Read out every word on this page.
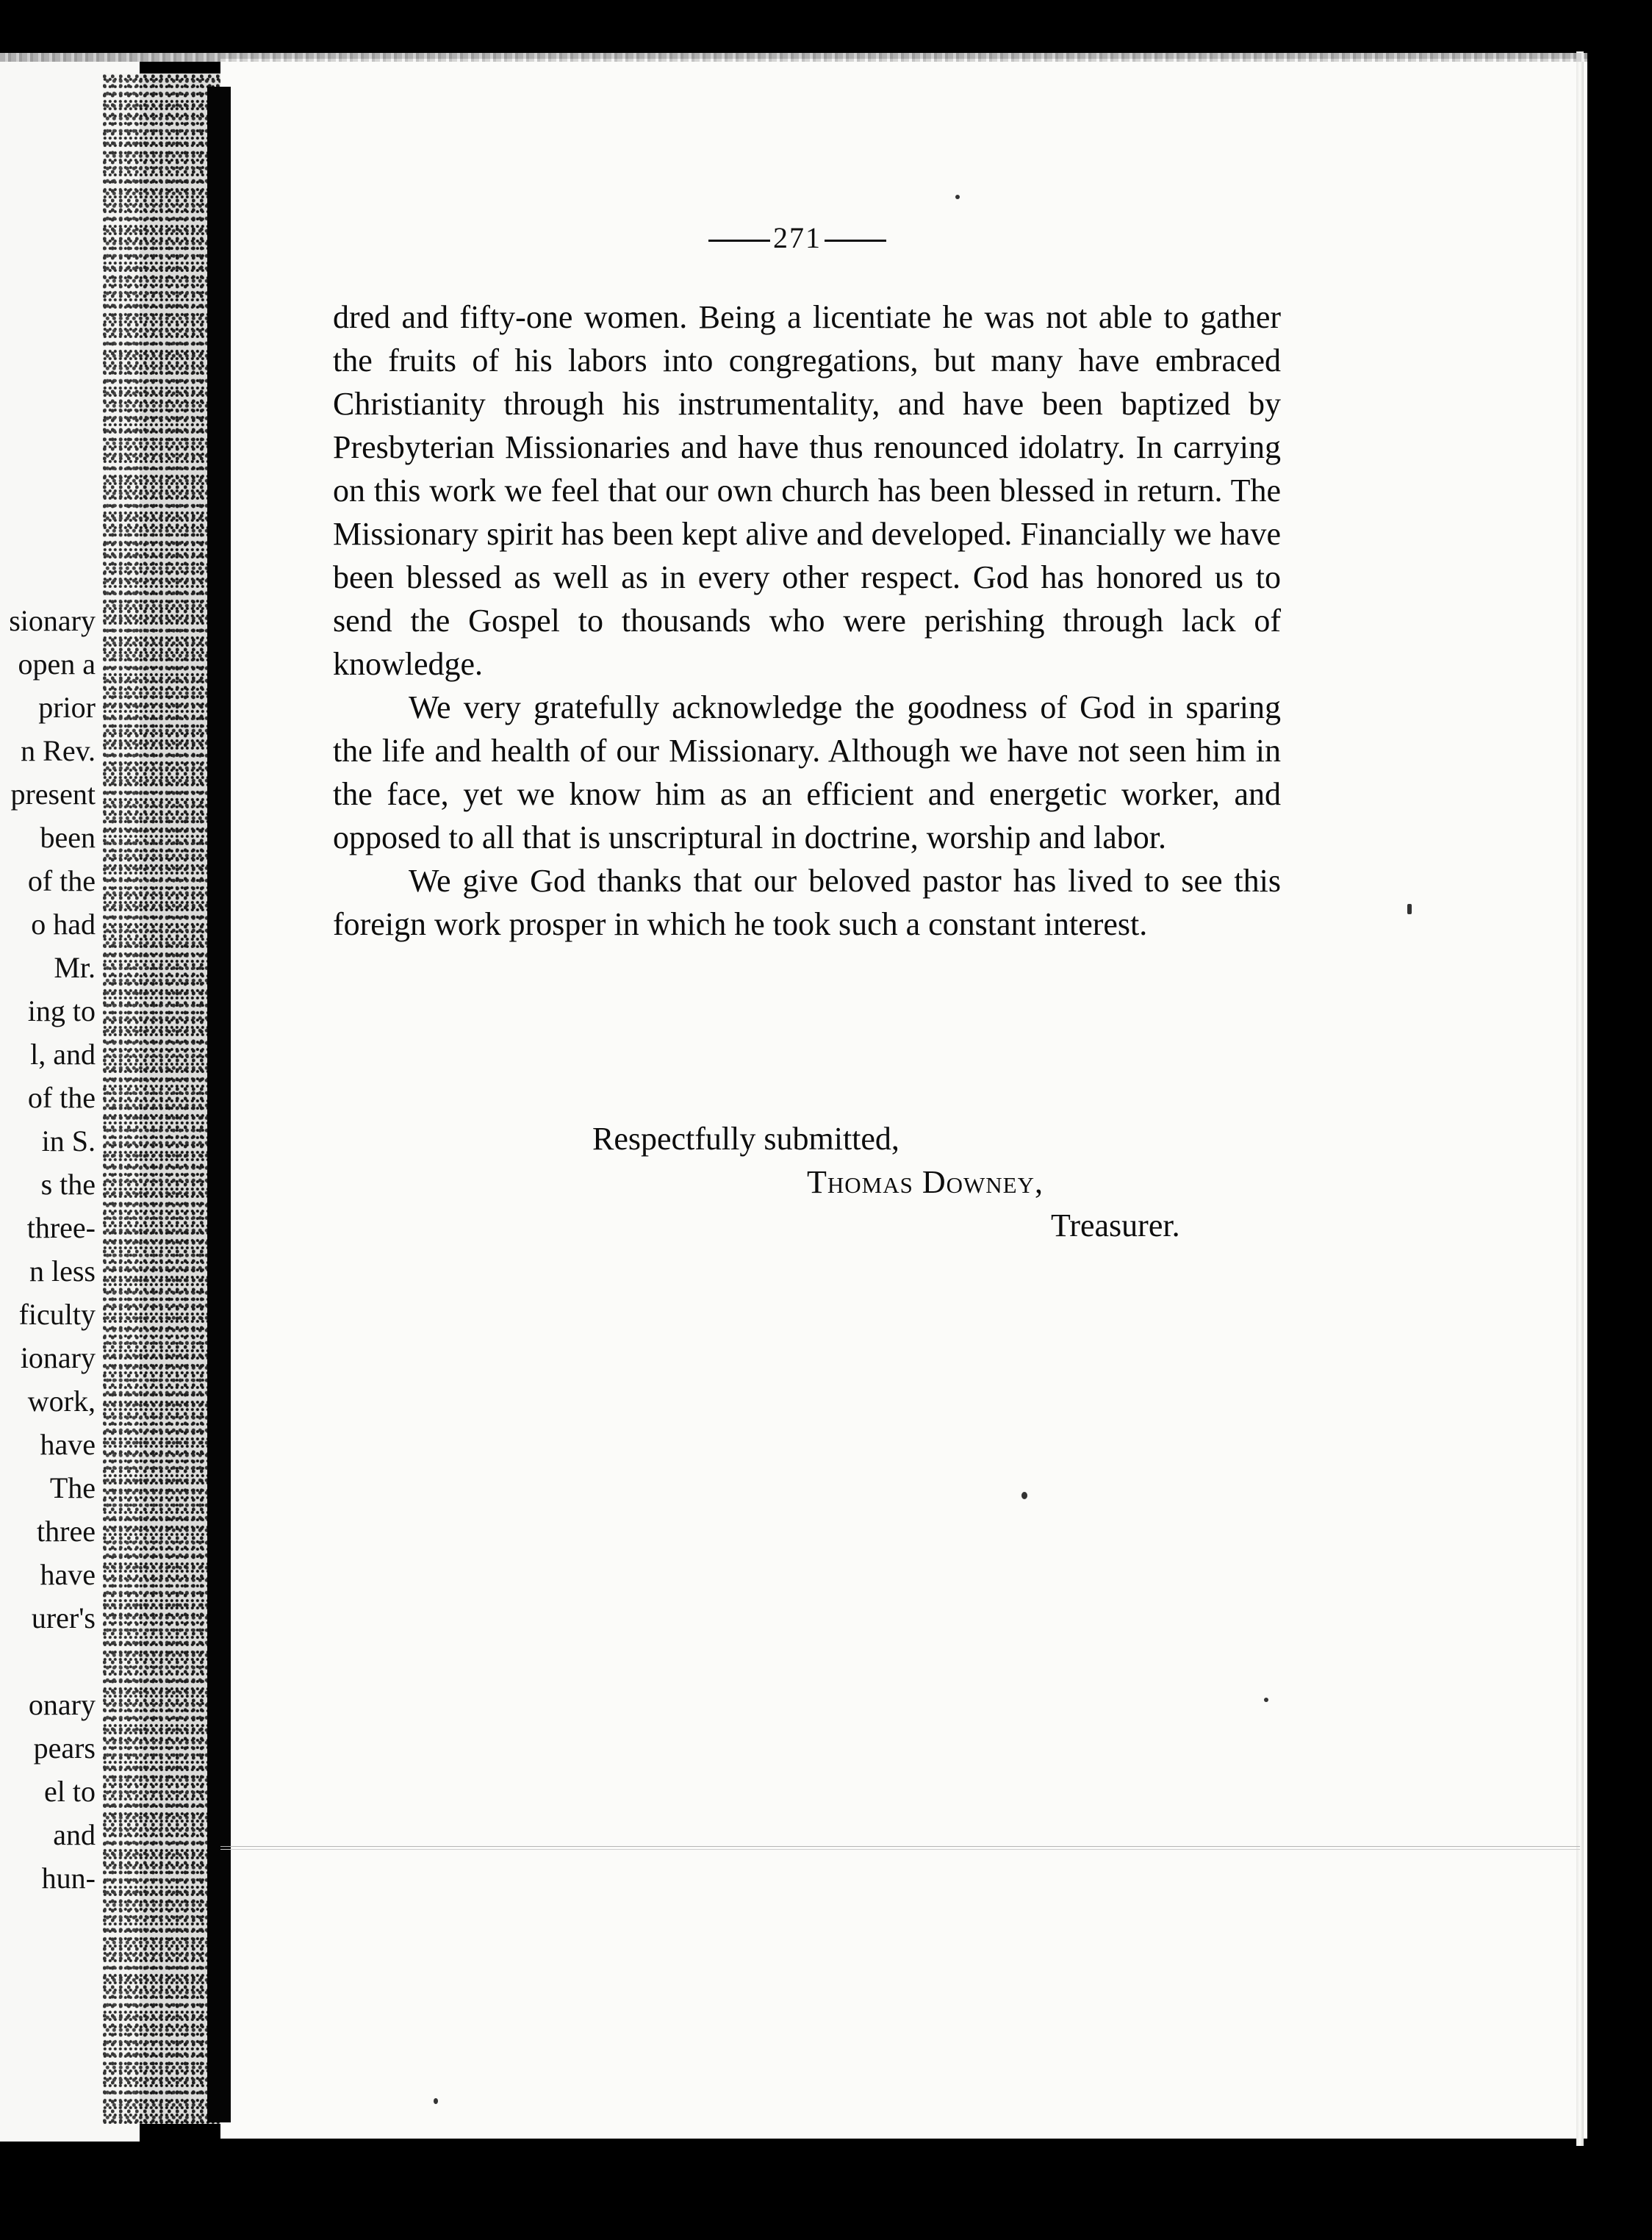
sionary
open a
prior
n Rev.
present
been
of the
o had
Mr.
ing to
l, and
of the
in S.
s the
three-
n less
ficulty
ionary
work,
have
The
three
have
urer's
onary
pears
el to
and
hun-
271

dred and fifty-one women. Being a licentiate he was not able to gather the fruits of his labors into congregations, but many have embraced Christianity through his instrumentality, and have been baptized by Presbyterian Missionaries and have thus renounced idolatry. In carrying on this work we feel that our own church has been blessed in return. The Missionary spirit has been kept alive and developed. Financially we have been blessed as well as in every other respect. God has honored us to send the Gospel to thousands who were perishing through lack of knowledge.

We very gratefully acknowledge the goodness of God in sparing the life and health of our Missionary. Although we have not seen him in the face, yet we know him as an efficient and energetic worker, and opposed to all that is unscriptural in doctrine, worship and labor.

We give God thanks that our beloved pastor has lived to see this foreign work prosper in which he took such a constant interest.

Respectfully submitted,
Thomas Downey,
Treasurer.
